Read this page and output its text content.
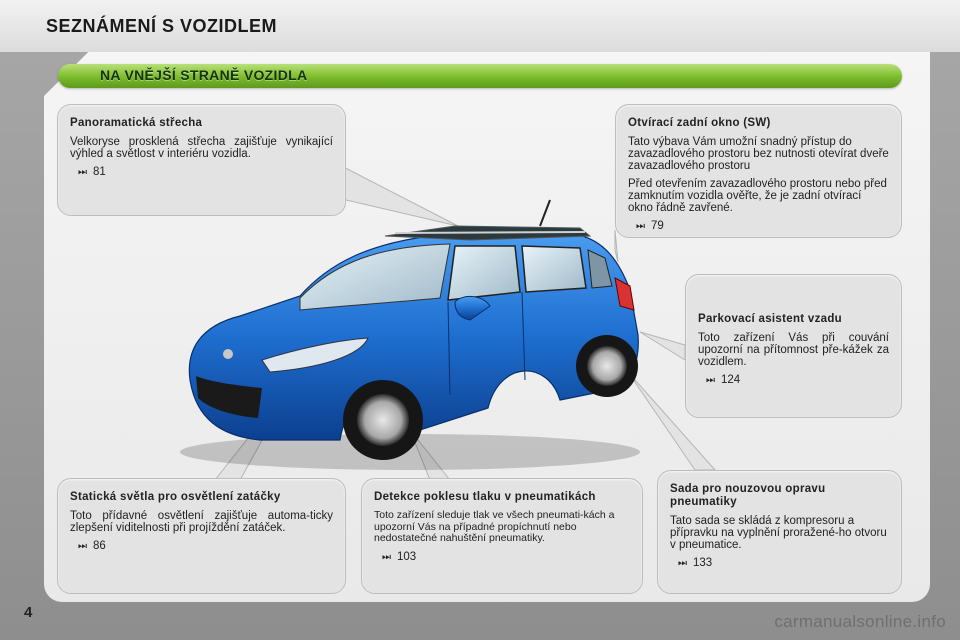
SEZNÁMENÍ S VOZIDLEM
NA VNĚJŠÍ STRANĚ VOZIDLA
Panoramatická střecha
Velkoryse prosklená střecha zajišťuje vynikající výhled a světlost v interiéru vozidla.
⏭ 81
Otvírací zadní okno (SW)
Tato výbava Vám umožní snadný přístup do zavazadlového prostoru bez nutnosti otevírat dveře zavazadlového prostoru
Před otevřením zavazadlového prostoru nebo před zamknutím vozidla ověřte, že je zadní otvírací okno řádně zavřené.
⏭ 79
Parkovací asistent vzadu
Toto zařízení Vás při couvání upozorní na přítomnost pře-kážek za vozidlem.
⏭ 124
Statická světla pro osvětlení zatáčky
Toto přídavné osvětlení zajišťuje automa-ticky zlepšení viditelnosti při projíždění zatáček.
⏭ 86
Detekce poklesu tlaku v pneumatikách
Toto zařízení sleduje tlak ve všech pneumati-kách a upozorní Vás na případné propíchnutí nebo nedostatečné nahuštění pneumatiky.
⏭ 103
Sada pro nouzovou opravu pneumatiky
Tato sada se skládá z kompresoru a přípravku na vyplnění proražené-ho otvoru v pneumatice.
⏭ 133
4	carmanualsonline.info
